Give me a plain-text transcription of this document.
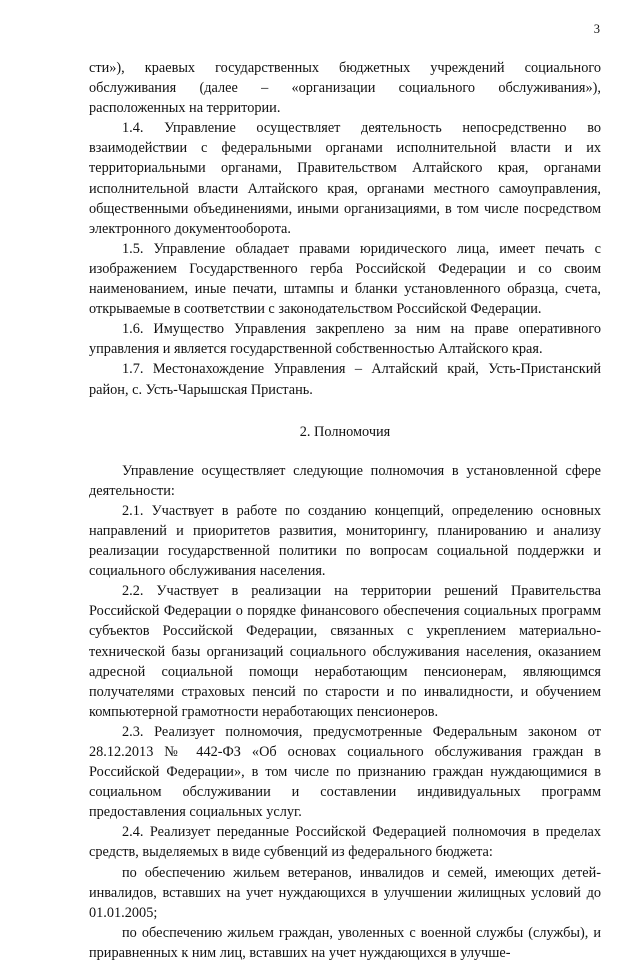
3

сти»), краевых государственных бюджетных учреждений социального обслуживания (далее – «организации социального обслуживания»), расположенных на территории.

1.4. Управление осуществляет деятельность непосредственно во взаимодействии с федеральными органами исполнительной власти и их территориальными органами, Правительством Алтайского края, органами исполнительной власти Алтайского края, органами местного самоуправления, общественными объединениями, иными организациями, в том числе посредством электронного документооборота.

1.5. Управление обладает правами юридического лица, имеет печать с изображением Государственного герба Российской Федерации и со своим наименованием, иные печати, штампы и бланки установленного образца, счета, открываемые в соответствии с законодательством Российской Федерации.

1.6. Имущество Управления закреплено за ним на праве оперативного управления и является государственной собственностью Алтайского края.

1.7. Местонахождение Управления – Алтайский край, Усть-Пристанский район, с. Усть-Чарышская Пристань.

2. Полномочия

Управление осуществляет следующие полномочия в установленной сфере деятельности:

2.1. Участвует в работе по созданию концепций, определению основных направлений и приоритетов развития, мониторингу, планированию и анализу реализации государственной политики по вопросам социальной поддержки и социального обслуживания населения.

2.2. Участвует в реализации на территории решений Правительства Российской Федерации о порядке финансового обеспечения социальных программ субъектов Российской Федерации, связанных с укреплением материально-технической базы организаций социального обслуживания населения, оказанием адресной социальной помощи неработающим пенсионерам, являющимся получателями страховых пенсий по старости и по инвалидности, и обучением компьютерной грамотности неработающих пенсионеров.

2.3. Реализует полномочия, предусмотренные Федеральным законом от 28.12.2013 № 442-ФЗ «Об основах социального обслуживания граждан в Российской Федерации», в том числе по признанию граждан нуждающимися в социальном обслуживании и составлении индивидуальных программ предоставления социальных услуг.

2.4. Реализует переданные Российской Федерацией полномочия в пределах средств, выделяемых в виде субвенций из федерального бюджета:

по обеспечению жильем ветеранов, инвалидов и семей, имеющих детей-инвалидов, вставших на учет нуждающихся в улучшении жилищных условий до 01.01.2005;

по обеспечению жильем граждан, уволенных с военной службы (службы), и приравненных к ним лиц, вставших на учет нуждающихся в улучше-
